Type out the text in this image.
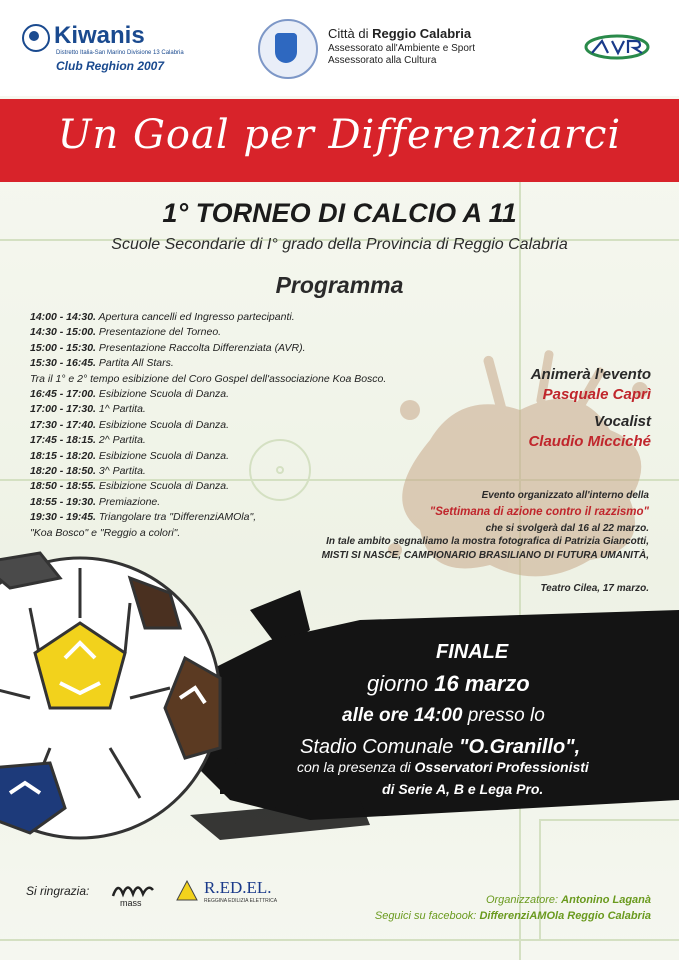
Kiwanis
Distretto Italia-San Marino Divisione 13 Calabria
Club Reghion 2007
Città di Reggio Calabria
Assessorato all'Ambiente e Sport
Assessorato alla Cultura
Un Goal per Differenziarci
1° TORNEO DI CALCIO A 11
Scuole Secondarie di I° grado della Provincia di Reggio Calabria
Programma
14:00 - 14:30. Apertura cancelli ed Ingresso partecipanti.
14:30 - 15:00. Presentazione del Torneo.
15:00 - 15:30. Presentazione Raccolta Differenziata (AVR).
15:30 - 16:45. Partita All Stars.
Tra il 1° e 2° tempo esibizione del Coro Gospel dell'associazione Koa Bosco.
16:45 - 17:00. Esibizione Scuola di Danza.
17:00 - 17:30. 1^ Partita.
17:30 - 17:40. Esibizione Scuola di Danza.
17:45 - 18:15. 2^ Partita.
18:15 - 18:20. Esibizione Scuola di Danza.
18:20 - 18:50. 3^ Partita.
18:50 - 18:55. Esibizione Scuola di Danza.
18:55 - 19:30. Premiazione.
19:30 - 19:45. Triangolare tra "DifferenziAMOla",
"Koa Bosco" e "Reggio a colori".
Animerà l'evento
Pasquale Caprì
Vocalist
Claudio Micciché
Evento organizzato all'interno della
"Settimana di azione contro il razzismo"
che si svolgerà dal 16 al 22 marzo.
In tale ambito segnaliamo la mostra fotografica di Patrizia Giancotti,
MISTI SI NASCE, CAMPIONARIO BRASILIANO DI FUTURA UMANITÀ,
Teatro Cilea, 17 marzo.
FINALE
giorno 16 marzo
alle ore 14:00 presso lo
Stadio Comunale "O.Granillo",
con la presenza di Osservatori Professionisti
di Serie A, B e Lega Pro.
Si ringrazia:
mass
R.ED.EL.
REGGINA EDILIZIA ELETTRICA	Organizzatore: Antonino Laganà
Seguici su facebook: DifferenziAMOla Reggio Calabria
